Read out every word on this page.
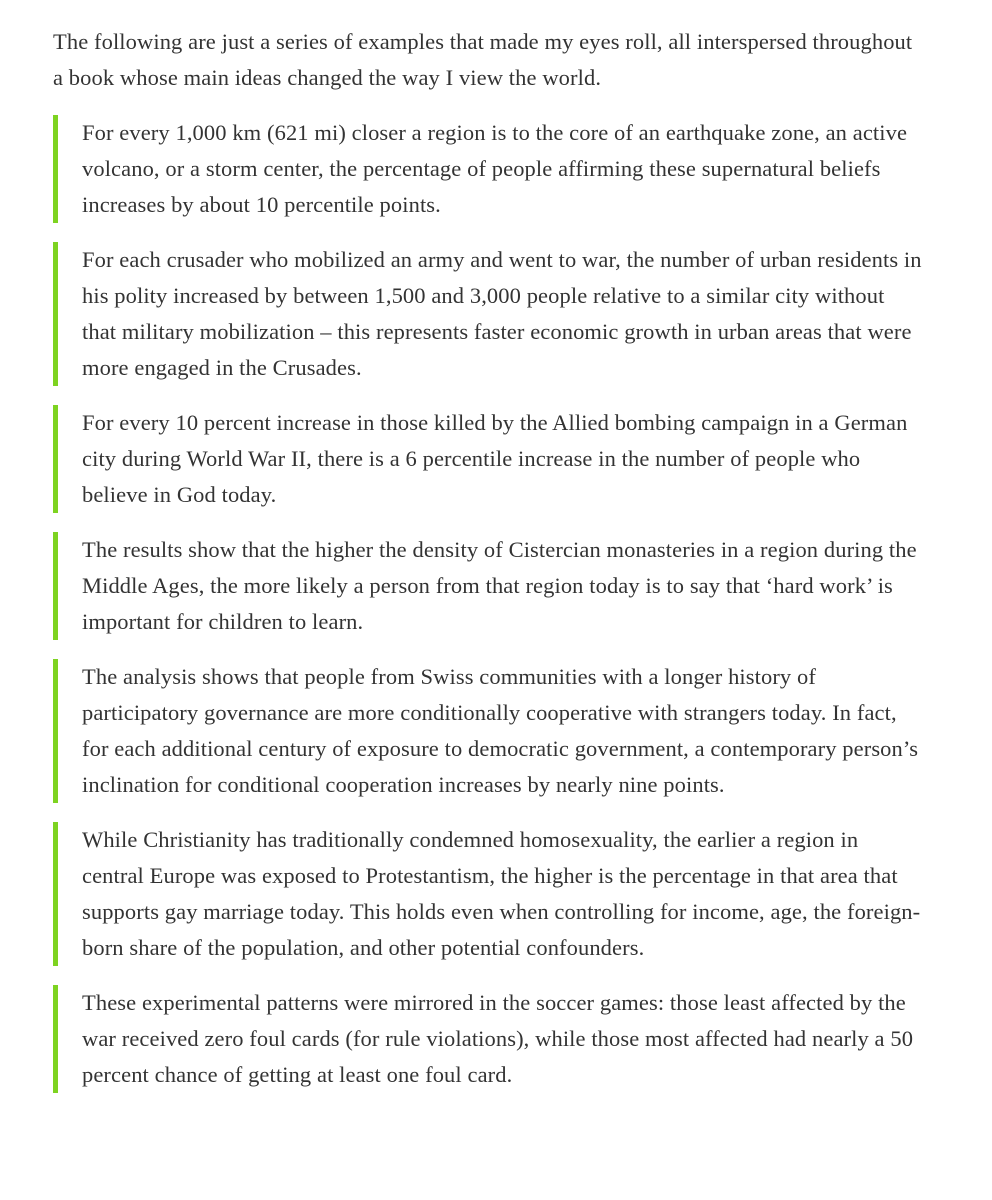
The following are just a series of examples that made my eyes roll, all interspersed throughout a book whose main ideas changed the way I view the world.

For every 1,000 km (621 mi) closer a region is to the core of an earthquake zone, an active volcano, or a storm center, the percentage of people affirming these supernatural beliefs increases by about 10 percentile points.

For each crusader who mobilized an army and went to war, the number of urban residents in his polity increased by between 1,500 and 3,000 people relative to a similar city without that military mobilization – this represents faster economic growth in urban areas that were more engaged in the Crusades.

For every 10 percent increase in those killed by the Allied bombing campaign in a German city during World War II, there is a 6 percentile increase in the number of people who believe in God today.

The results show that the higher the density of Cistercian monasteries in a region during the Middle Ages, the more likely a person from that region today is to say that ‘hard work’ is important for children to learn.

The analysis shows that people from Swiss communities with a longer history of participatory governance are more conditionally cooperative with strangers today. In fact, for each additional century of exposure to democratic government, a contemporary person’s inclination for conditional cooperation increases by nearly nine points.

While Christianity has traditionally condemned homosexuality, the earlier a region in central Europe was exposed to Protestantism, the higher is the percentage in that area that supports gay marriage today. This holds even when controlling for income, age, the foreign-born share of the population, and other potential confounders.

These experimental patterns were mirrored in the soccer games: those least affected by the war received zero foul cards (for rule violations), while those most affected had nearly a 50 percent chance of getting at least one foul card.
